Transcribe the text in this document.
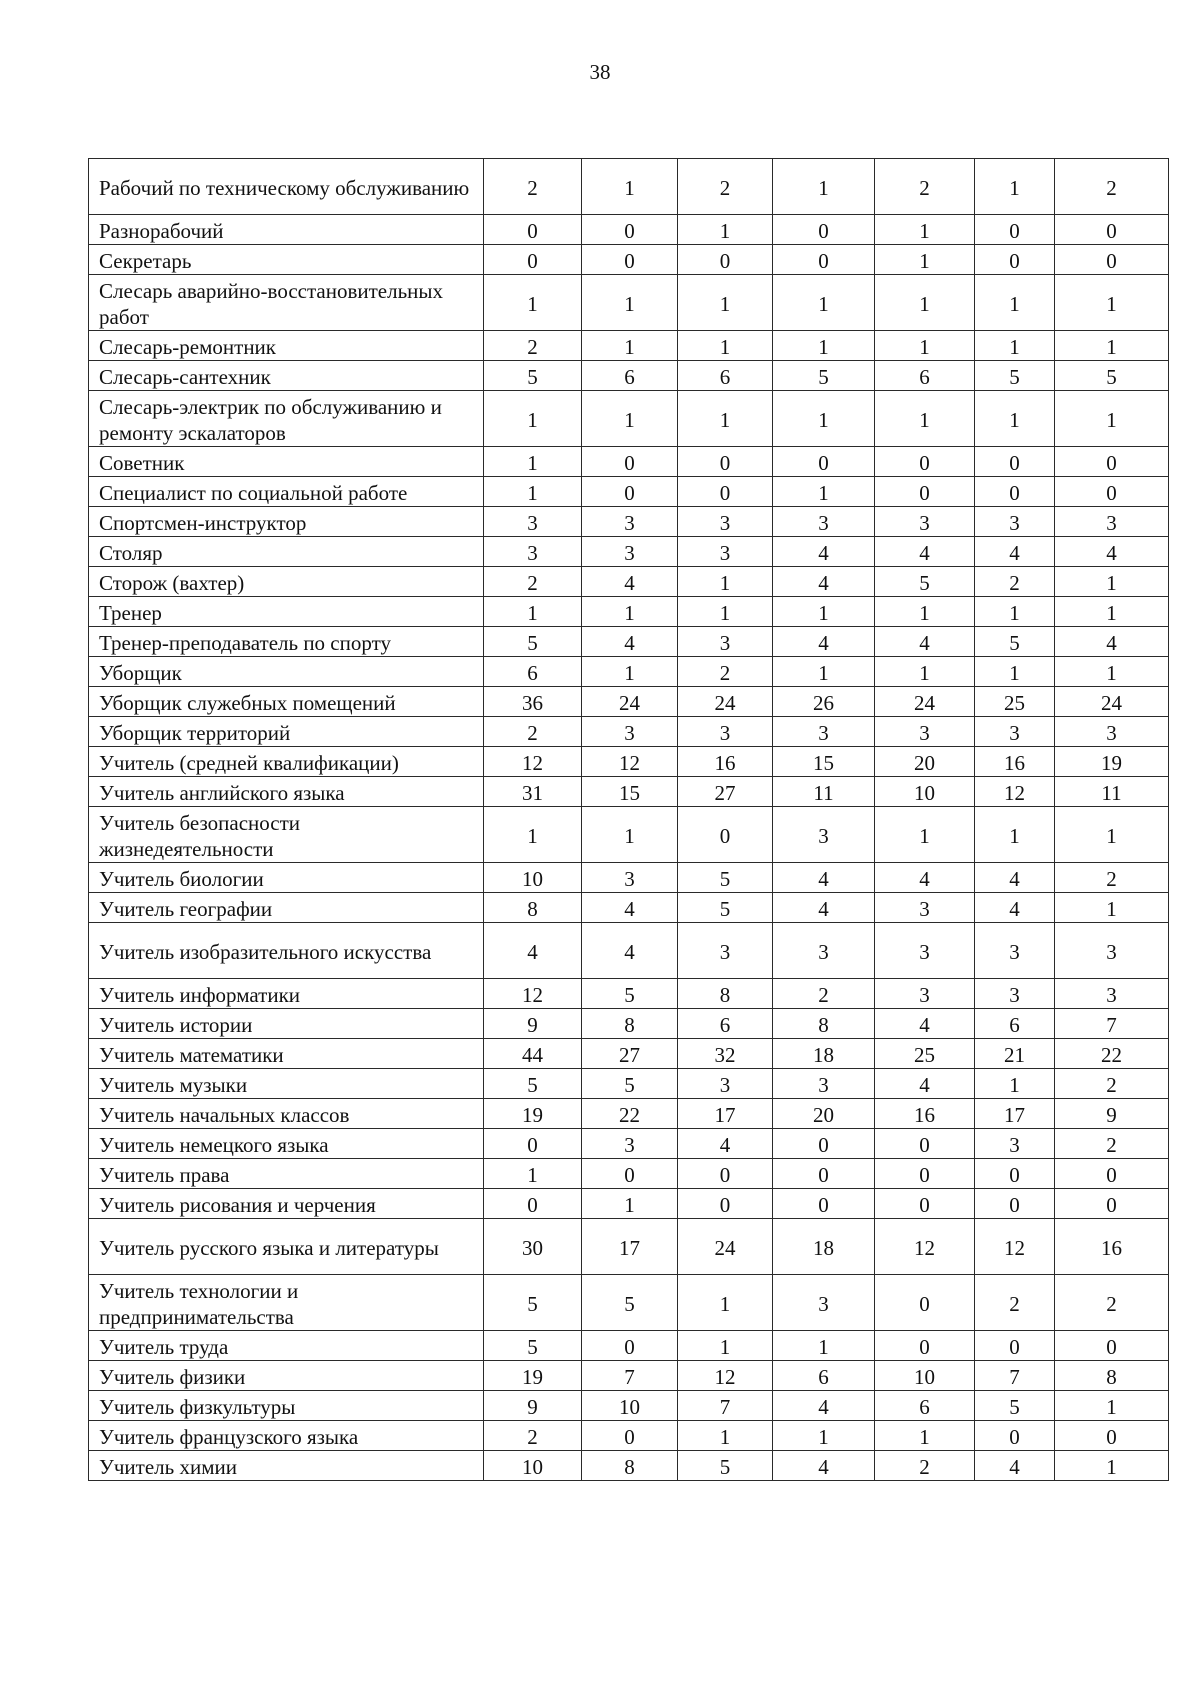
38
Рабочий по техническому обслуживанию	2	1	2	1	2	1	2
Разнорабочий	0	0	1	0	1	0	0
Секретарь	0	0	0	0	1	0	0
Слесарь аварийно-восстановительных работ	1	1	1	1	1	1	1
Слесарь-ремонтник	2	1	1	1	1	1	1
Слесарь-сантехник	5	6	6	5	6	5	5
Слесарь-электрик по обслуживанию и ремонту эскалаторов	1	1	1	1	1	1	1
Советник	1	0	0	0	0	0	0
Специалист по социальной работе	1	0	0	1	0	0	0
Спортсмен-инструктор	3	3	3	3	3	3	3
Столяр	3	3	3	4	4	4	4
Сторож (вахтер)	2	4	1	4	5	2	1
Тренер	1	1	1	1	1	1	1
Тренер-преподаватель по спорту	5	4	3	4	4	5	4
Уборщик	6	1	2	1	1	1	1
Уборщик служебных помещений	36	24	24	26	24	25	24
Уборщик территорий	2	3	3	3	3	3	3
Учитель (средней квалификации)	12	12	16	15	20	16	19
Учитель английского языка	31	15	27	11	10	12	11
Учитель безопасности жизнедеятельности	1	1	0	3	1	1	1
Учитель биологии	10	3	5	4	4	4	2
Учитель географии	8	4	5	4	3	4	1
Учитель изобразительного искусства	4	4	3	3	3	3	3
Учитель информатики	12	5	8	2	3	3	3
Учитель истории	9	8	6	8	4	6	7
Учитель математики	44	27	32	18	25	21	22
Учитель музыки	5	5	3	3	4	1	2
Учитель начальных классов	19	22	17	20	16	17	9
Учитель немецкого языка	0	3	4	0	0	3	2
Учитель права	1	0	0	0	0	0	0
Учитель рисования и черчения	0	1	0	0	0	0	0
Учитель русского языка и литературы	30	17	24	18	12	12	16
Учитель технологии и предпринимательства	5	5	1	3	0	2	2
Учитель труда	5	0	1	1	0	0	0
Учитель физики	19	7	12	6	10	7	8
Учитель физкультуры	9	10	7	4	6	5	1
Учитель французского языка	2	0	1	1	1	0	0
Учитель химии	10	8	5	4	2	4	1
